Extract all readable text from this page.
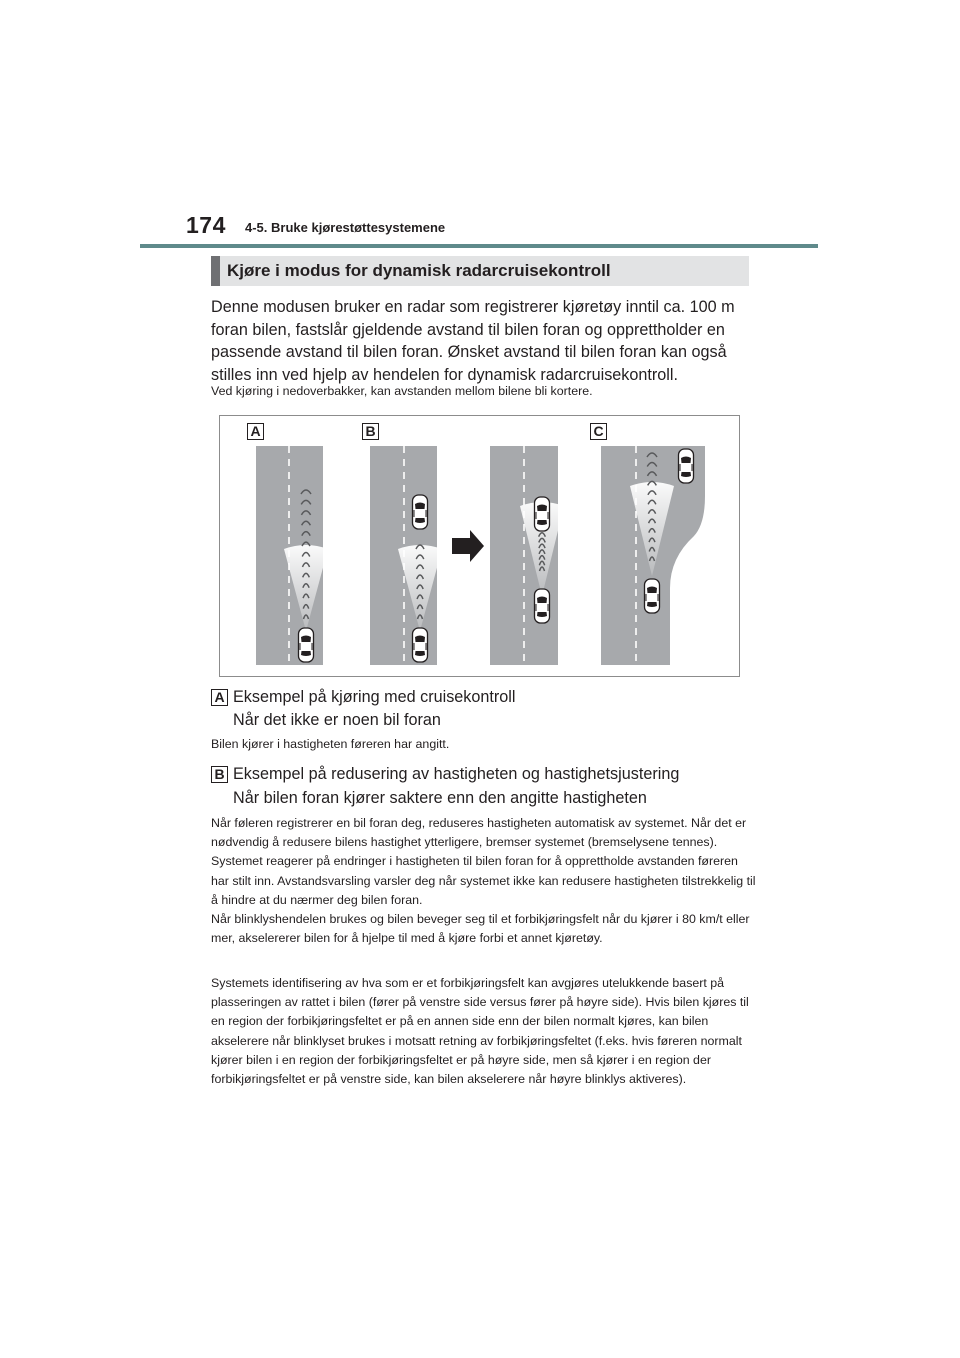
174 4-5. Bruke kjørestøttesystemene
Kjøre i modus for dynamisk radarcruisekontroll

Denne modusen bruker en radar som registrerer kjøretøy inntil ca. 100 m foran bilen, fastslår gjeldende avstand til bilen foran og opprettholder en passende avstand til bilen foran. Ønsket avstand til bilen foran kan også stilles inn ved hjelp av hendelen for dynamisk radarcruisekontroll.

Ved kjøring i nedoverbakker, kan avstanden mellom bilene bli kortere.

A	B	C
A Eksempel på kjøring med cruisekontroll

Når det ikke er noen bil foran

Bilen kjører i hastigheten føreren har angitt.

B Eksempel på redusering av hastigheten og hastighetsjustering

Når bilen foran kjører saktere enn den angitte hastigheten

Når føleren registrerer en bil foran deg, reduseres hastigheten automatisk av systemet. Når det er nødvendig å redusere bilens hastighet ytterligere, bremser systemet (bremselysene tennes). Systemet reagerer på endringer i hastigheten til bilen foran for å opprettholde avstanden føreren har stilt inn. Avstandsvarsling varsler deg når systemet ikke kan redusere hastigheten tilstrekkelig til å hindre at du nærmer deg bilen foran.

Når blinklyshendelen brukes og bilen beveger seg til et forbikjøringsfelt når du kjører i 80 km/t eller mer, akselererer bilen for å hjelpe til med å kjøre forbi et annet kjøretøy.

Systemets identifisering av hva som er et forbikjøringsfelt kan avgjøres utelukkende basert på plasseringen av rattet i bilen (fører på venstre side versus fører på høyre side). Hvis bilen kjøres til en region der forbikjøringsfeltet er på en annen side enn der bilen normalt kjøres, kan bilen akselerere når blinklyset brukes i motsatt retning av forbikjøringsfeltet (f.eks. hvis føreren normalt kjører bilen i en region der forbikjøringsfeltet er på høyre side, men så kjører i en region der forbikjøringsfeltet er på venstre side, kan bilen akselerere når høyre blinklys aktiveres).
